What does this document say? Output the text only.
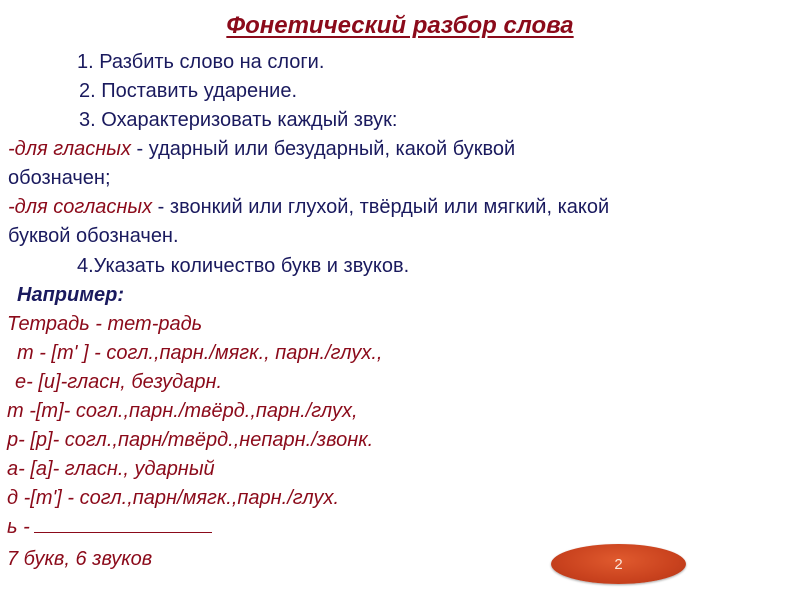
Фонетический разбор слова
1. Разбить слово на слоги.
2. Поставить ударение.
3. Охарактеризовать каждый звук:
-для гласных - ударный или безударный, какой буквой
обозначен;
-для согласных - звонкий или глухой, твёрдый или мягкий, какой
буквой обозначен.
4.Указать количество букв и звуков.
Например:
Тетрадь - тет-радь
т - [т' ] - согл.,парн./мягк., парн./глух.,
е- [и]-гласн, безударн.
т -[т]- согл.,парн./твёрд.,парн./глух,
р- [р]- согл.,парн/твёрд.,непарн./звонк.
а- [а]- гласн., ударный
д -[т'] - согл.,парн/мягк.,парн./глух.
ь -
7 букв, 6 звуков	2
